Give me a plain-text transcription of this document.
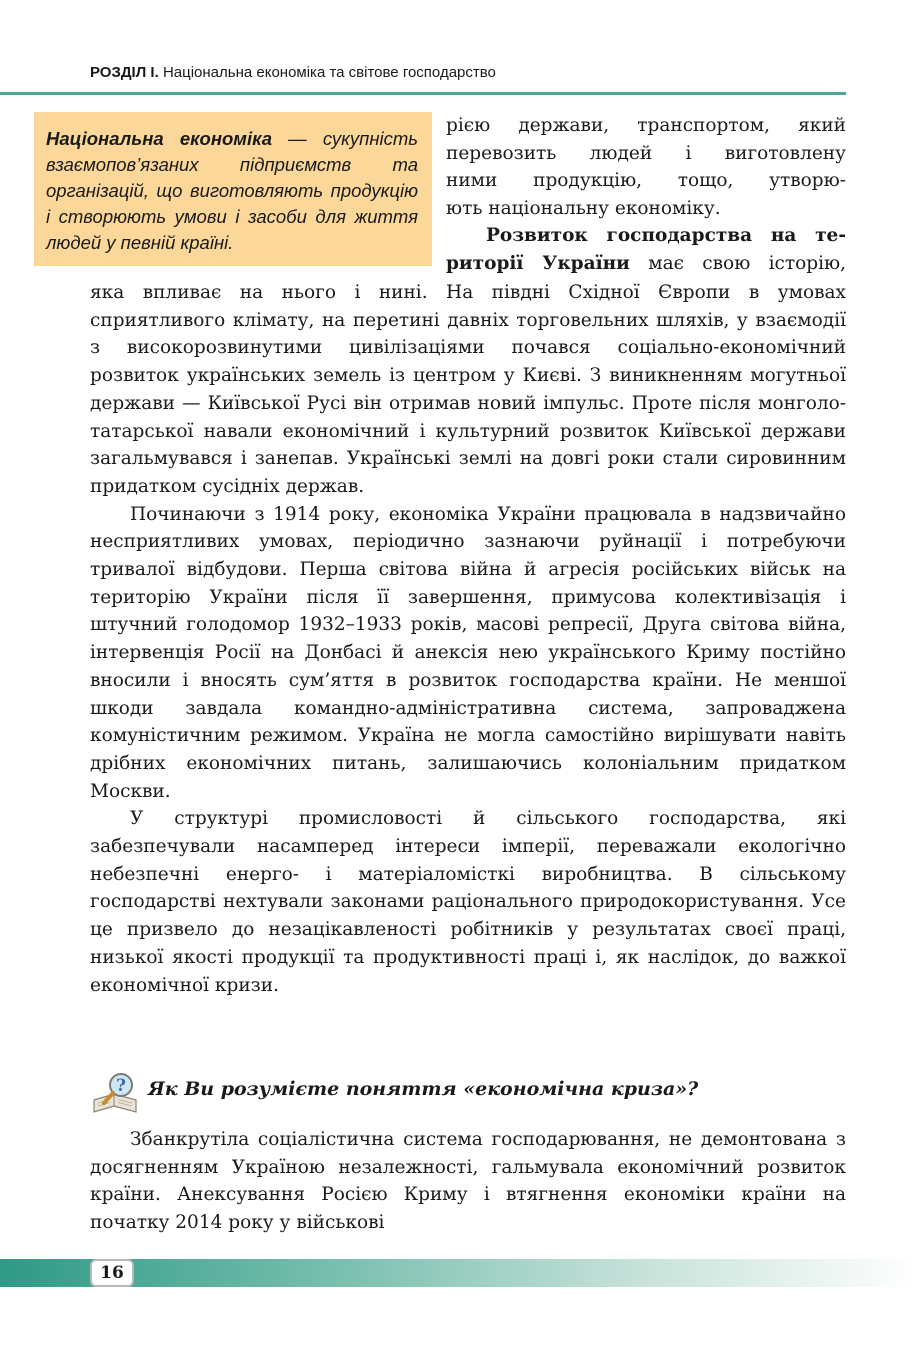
РОЗДІЛ І. Національна економіка та світове господарство
Національна економіка — сукупність взаємопов’язаних підприємств та організацій, що виготовляють продукцію і створюють умови і засоби для життя людей у певній країні.

рією держави, транспортом, який

перевозить людей і виготовлену

ними продукцію, тощо, утворю-

ють національну економіку.

Розвиток господарства на те-

риторії України має свою історію,

яка впливає на нього і нині. На півдні Східної Європи в умовах сприятливого клімату, на перетині давніх торговельних шляхів, у взаємодії з високорозвинутими цивілізаціями почався соціально-економічний розвиток українських земель із центром у Києві. З виникненням могутньої держави — Київської Русі він отримав новий імпульс. Проте після монголо-татарської навали економічний і культурний розвиток Київської держави загальмувався і занепав. Українські землі на довгі роки стали сировинним придатком сусідніх держав.

Починаючи з 1914 року, економіка України працювала в надзвичайно несприятливих умовах, періодично зазнаючи руйнації і потребуючи тривалої відбудови. Перша світова війна й агресія російських військ на територію України після її завершення, примусова колективізація і штучний голодомор 1932–1933 років, масові репресії, Друга світова війна, інтервенція Росії на Донбасі й анексія нею українського Криму постійно вносили і вносять сум’яття в розвиток господарства країни. Не меншої шкоди завдала командно-адміністративна система, запроваджена комуністичним режимом. Україна не могла самостійно вирішувати навіть дрібних економічних питань, залишаючись колоніальним придатком Москви.

У структурі промисловості й сільського господарства, які забезпечували насамперед інтереси імперії, переважали екологічно небезпечні енерго- і матеріаломісткі виробництва. В сільському господарстві нехтували законами раціонального природокористування. Усе це призвело до незацікавленості робітників у результатах своєї праці, низької якості продукції та продуктивності праці і, як наслідок, до важкої економічної кризи.

? Як Ви розумієте поняття «економічна криза»?

Збанкрутіла соціалістична система господарювання, не демонтована з досягненням Україною незалежності, гальмувала економічний розвиток країни. Анексування Росією Криму і втягнення економіки країни на початку 2014 року у військові

16
